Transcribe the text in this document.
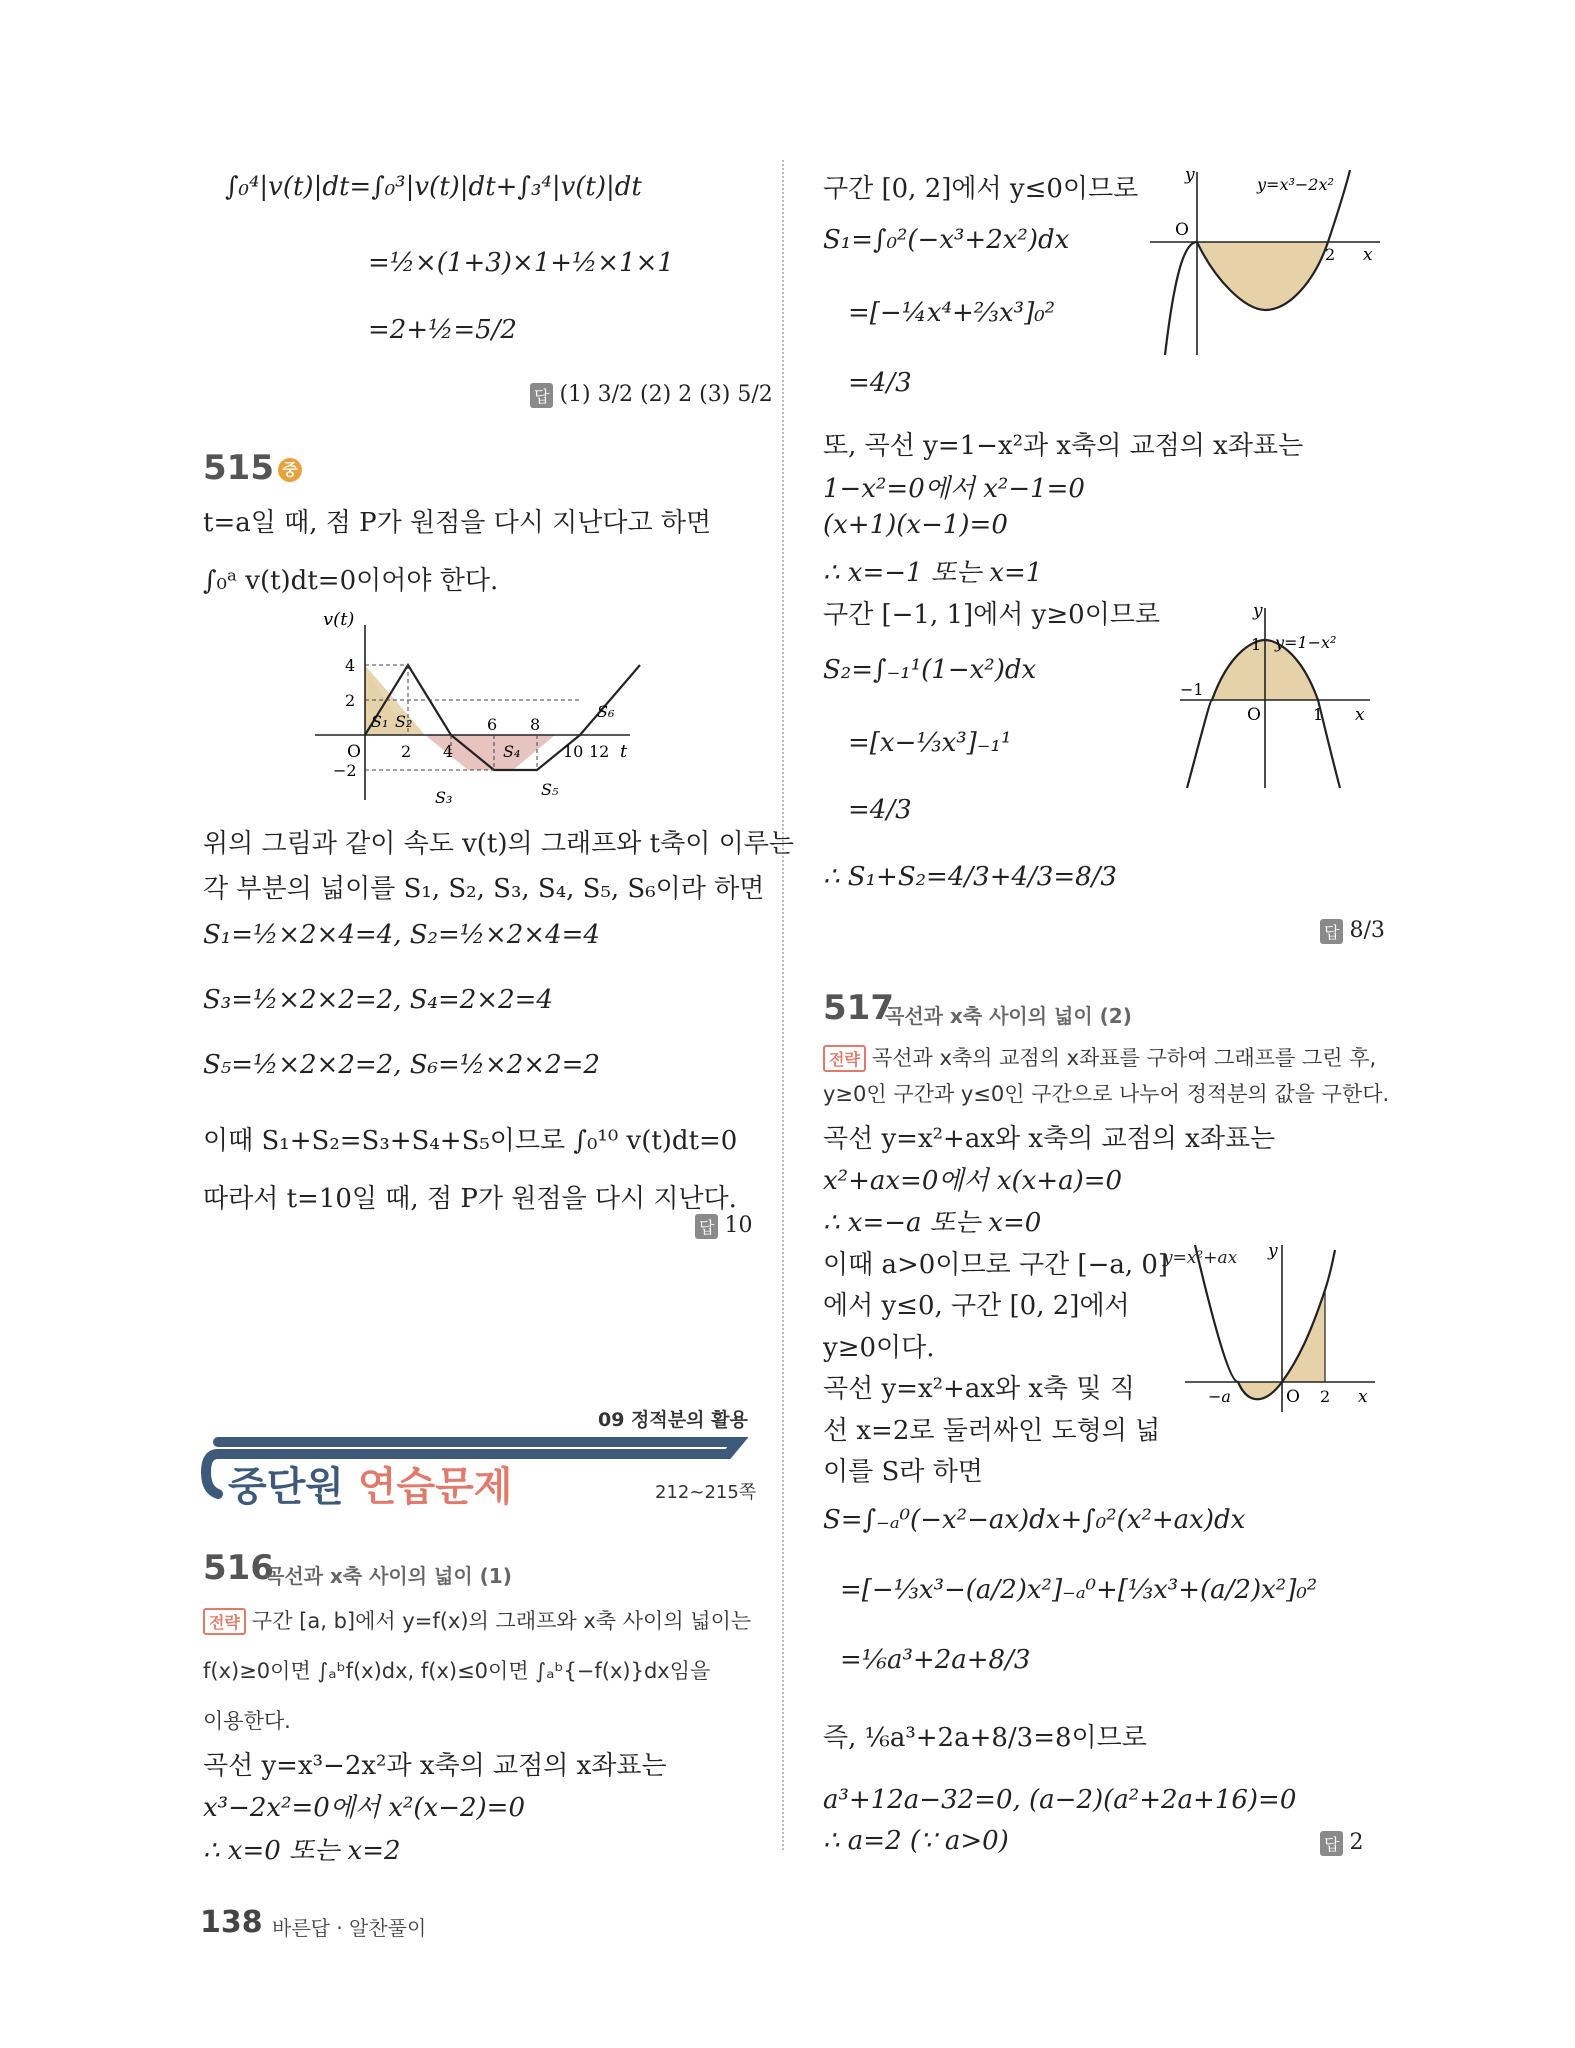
∫₀⁴|v(t)|dt=∫₀³|v(t)|dt+∫₃⁴|v(t)|dt
=½×(1+3)×1+½×1×1
=2+½=5/2
답 (1) 3/2 (2) 2 (3) 5/2
515 중
t=a일 때, 점 P가 원점을 다시 지난다고 하면
∫₀ᵃ v(t)dt=0이어야 한다.
v(t)
t
O	2 4
6 8
10 12
4
2
−2
S₁ S₂
S₃
S₄
S₅
S₆
위의 그림과 같이 속도 v(t)의 그래프와 t축이 이루는
각 부분의 넓이를 S₁, S₂, S₃, S₄, S₅, S₆이라 하면
S₁=½×2×4=4, S₂=½×2×4=4
S₃=½×2×2=2, S₄=2×2=4
S₅=½×2×2=2, S₆=½×2×2=2
이때 S₁+S₂=S₃+S₄+S₅이므로 ∫₀¹⁰ v(t)dt=0
따라서 t=10일 때, 점 P가 원점을 다시 지난다.
답 10
09 정적분의 활용
중단원 연습문제	212~215쪽
516
곡선과 x축 사이의 넓이 (1)
전략 구간 [a, b]에서 y=f(x)의 그래프와 x축 사이의 넓이는
f(x)≥0이면 ∫ₐᵇf(x)dx, f(x)≤0이면 ∫ₐᵇ{−f(x)}dx임을
이용한다.
곡선 y=x³−2x²과 x축의 교점의 x좌표는
x³−2x²=0에서 x²(x−2)=0
∴ x=0 또는 x=2
구간 [0, 2]에서 y≤0이므로
S₁=∫₀²(−x³+2x²)dx
=[−¼x⁴+⅔x³]₀²
=4/3
O
2 x
y	y=x³−2x²
또, 곡선 y=1−x²과 x축의 교점의 x좌표는
1−x²=0에서 x²−1=0
(x+1)(x−1)=0
∴ x=−1 또는 x=1
구간 [−1, 1]에서 y≥0이므로
S₂=∫₋₁¹(1−x²)dx
=[x−⅓x³]₋₁¹
=4/3
∴ S₁+S₂=4/3+4/3=8/3
−1
1
O
1
x
y
y=1−x²
답 8/3
517
곡선과 x축 사이의 넓이 (2)
전략 곡선과 x축의 교점의 x좌표를 구하여 그래프를 그린 후,
y≥0인 구간과 y≤0인 구간으로 나누어 정적분의 값을 구한다.
곡선 y=x²+ax와 x축의 교점의 x좌표는
x²+ax=0에서 x(x+a)=0
∴ x=−a 또는 x=0
이때 a>0이므로 구간 [−a, 0]
에서 y≤0, 구간 [0, 2]에서
y≥0이다.
곡선 y=x²+ax와 x축 및 직
선 x=2로 둘러싸인 도형의 넓
이를 S라 하면
−a	2
O	x
y
y=x²+ax
S=∫₋ₐ⁰(−x²−ax)dx+∫₀²(x²+ax)dx
=[−⅓x³−(a/2)x²]₋ₐ⁰+[⅓x³+(a/2)x²]₀²
=⅙a³+2a+8/3
즉, ⅙a³+2a+8/3=8이므로
a³+12a−32=0, (a−2)(a²+2a+16)=0
∴ a=2 (∵ a>0)	답 2
138 바른답 · 알찬풀이
